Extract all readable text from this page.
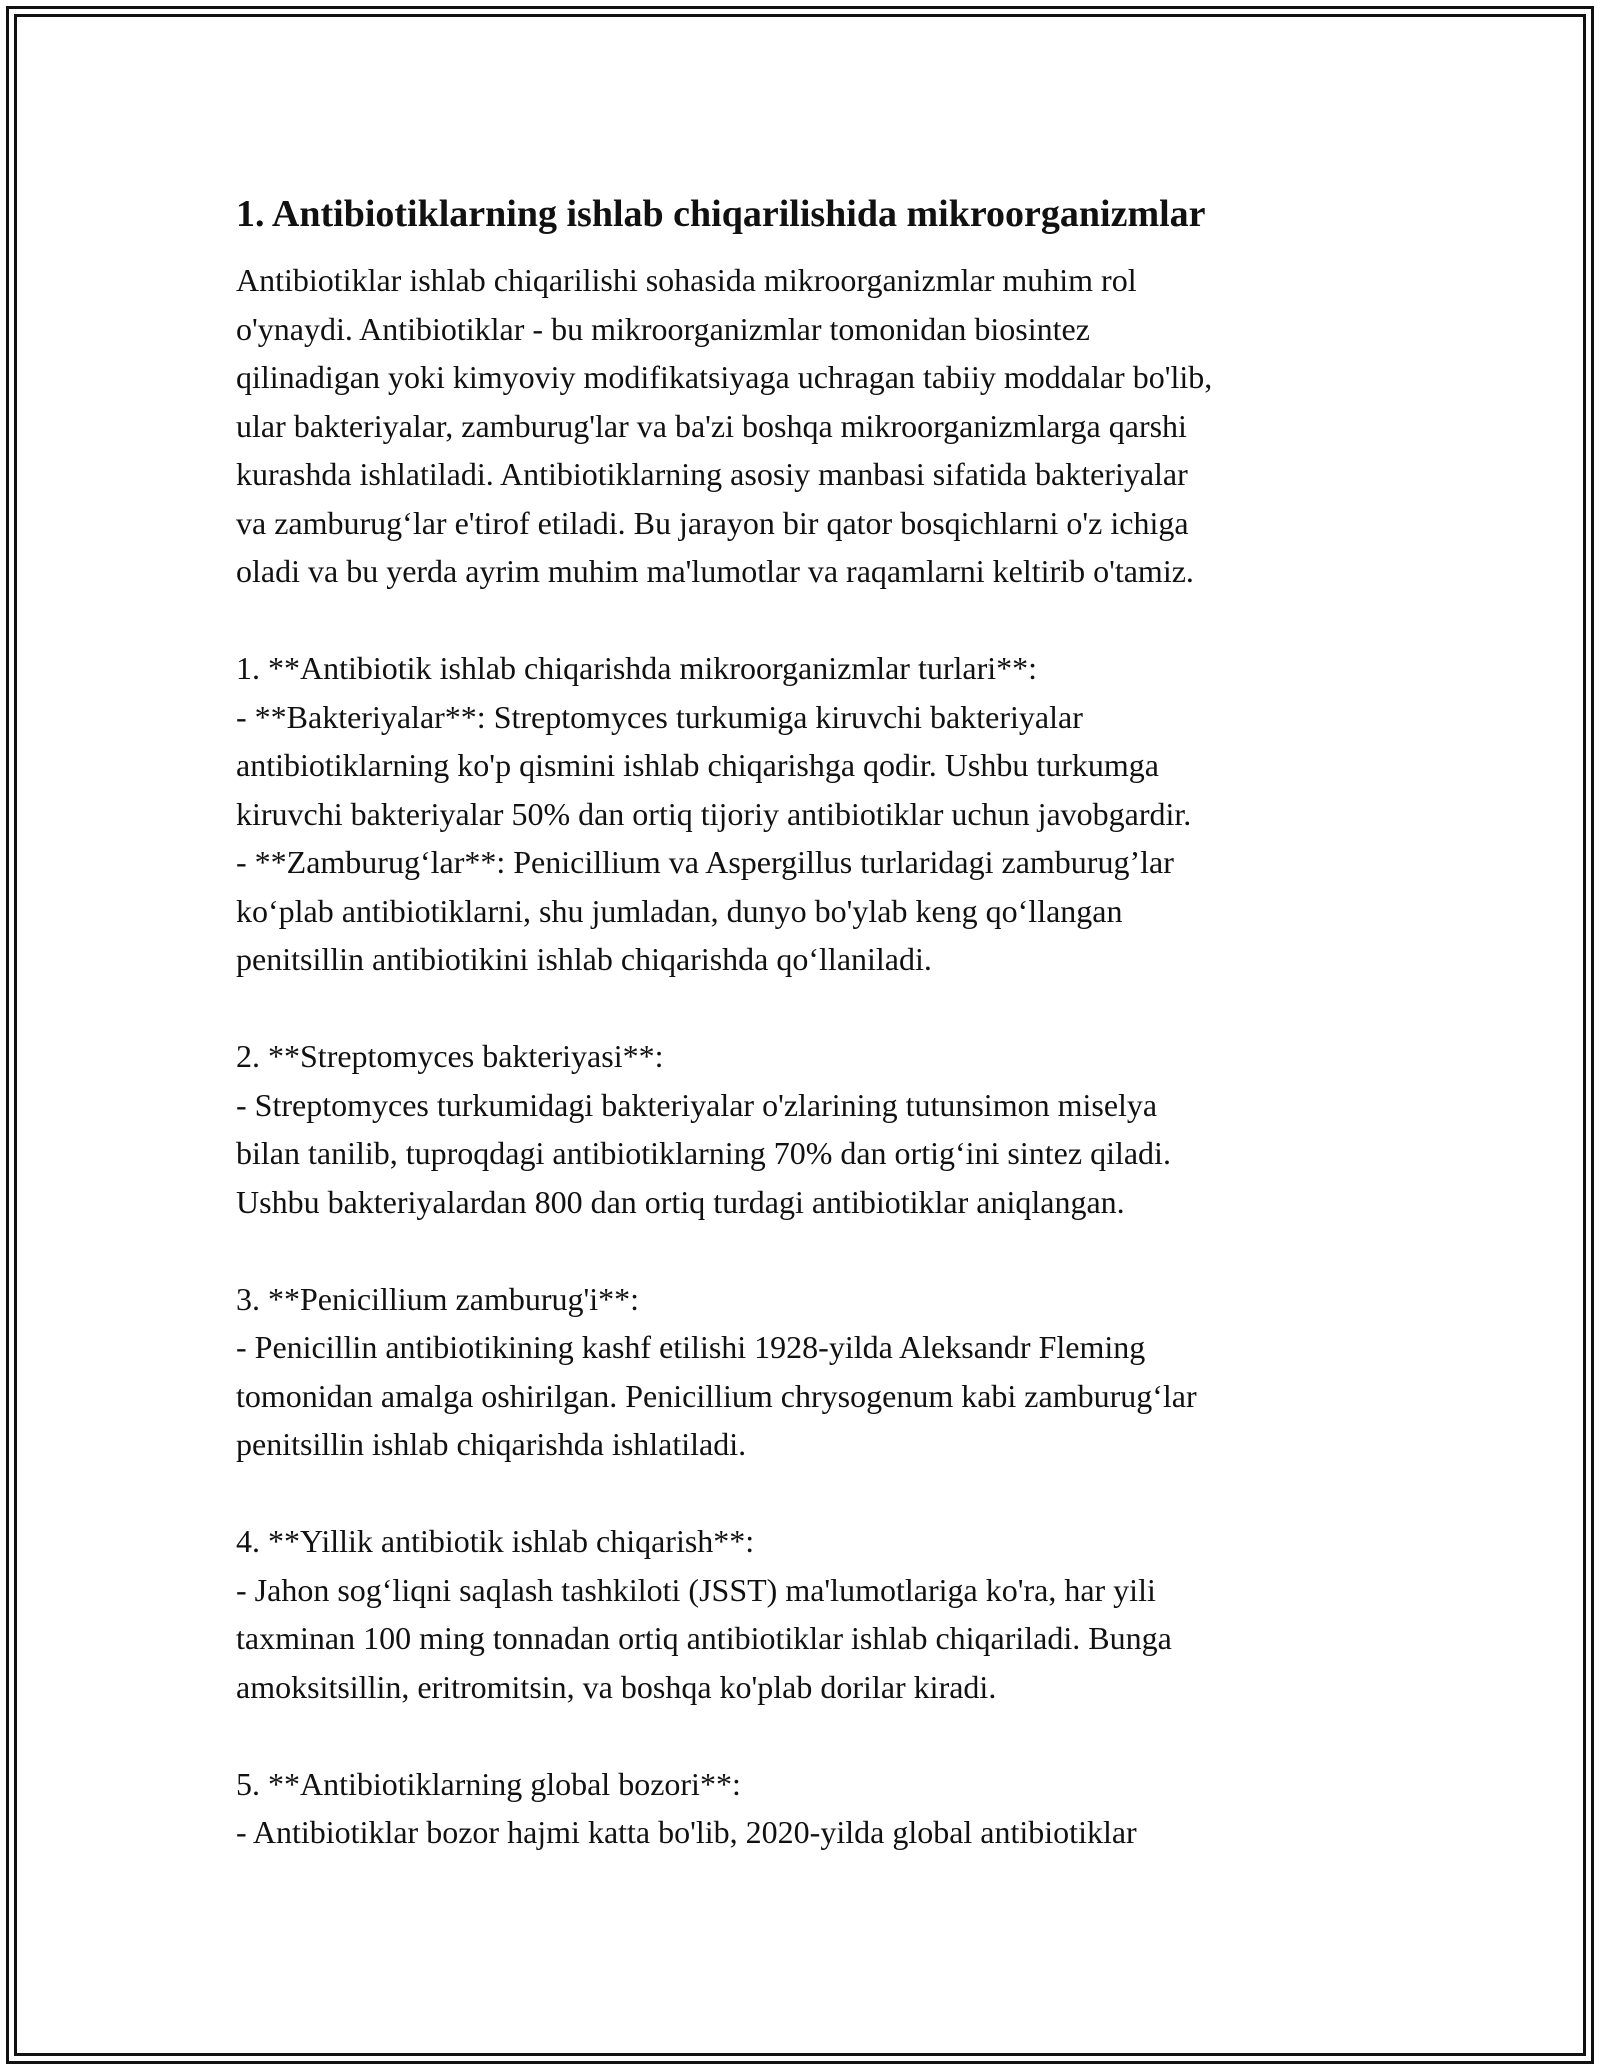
1. Antibiotiklarning ishlab chiqarilishida mikroorganizmlar

Antibiotiklar ishlab chiqarilishi sohasida mikroorganizmlar muhim rol
o'ynaydi. Antibiotiklar - bu mikroorganizmlar tomonidan biosintez
qilinadigan yoki kimyoviy modifikatsiyaga uchragan tabiiy moddalar bo'lib,
ular bakteriyalar, zamburug'lar va ba'zi boshqa mikroorganizmlarga qarshi
kurashda ishlatiladi. Antibiotiklarning asosiy manbasi sifatida bakteriyalar
va zamburug‘lar e'tirof etiladi. Bu jarayon bir qator bosqichlarni o'z ichiga
oladi va bu yerda ayrim muhim ma'lumotlar va raqamlarni keltirib o'tamiz.

1. **Antibiotik ishlab chiqarishda mikroorganizmlar turlari**:
- **Bakteriyalar**: Streptomyces turkumiga kiruvchi bakteriyalar
antibiotiklarning ko'p qismini ishlab chiqarishga qodir. Ushbu turkumga
kiruvchi bakteriyalar 50% dan ortiq tijoriy antibiotiklar uchun javobgardir.
- **Zamburug‘lar**: Penicillium va Aspergillus turlaridagi zamburug’lar
ko‘plab antibiotiklarni, shu jumladan, dunyo bo'ylab keng qo‘llangan
penitsillin antibiotikini ishlab chiqarishda qo‘llaniladi.

2. **Streptomyces bakteriyasi**:
- Streptomyces turkumidagi bakteriyalar o'zlarining tutunsimon miselya
bilan tanilib, tuproqdagi antibiotiklarning 70% dan ortig‘ini sintez qiladi.
Ushbu bakteriyalardan 800 dan ortiq turdagi antibiotiklar aniqlangan.

3. **Penicillium zamburug'i**:
- Penicillin antibiotikining kashf etilishi 1928-yilda Aleksandr Fleming
tomonidan amalga oshirilgan. Penicillium chrysogenum kabi zamburug‘lar
penitsillin ishlab chiqarishda ishlatiladi.

4. **Yillik antibiotik ishlab chiqarish**:
- Jahon sog‘liqni saqlash tashkiloti (JSST) ma'lumotlariga ko'ra, har yili
taxminan 100 ming tonnadan ortiq antibiotiklar ishlab chiqariladi. Bunga
amoksitsillin, eritromitsin, va boshqa ko'plab dorilar kiradi.

5. **Antibiotiklarning global bozori**:
- Antibiotiklar bozor hajmi katta bo'lib, 2020-yilda global antibiotiklar
